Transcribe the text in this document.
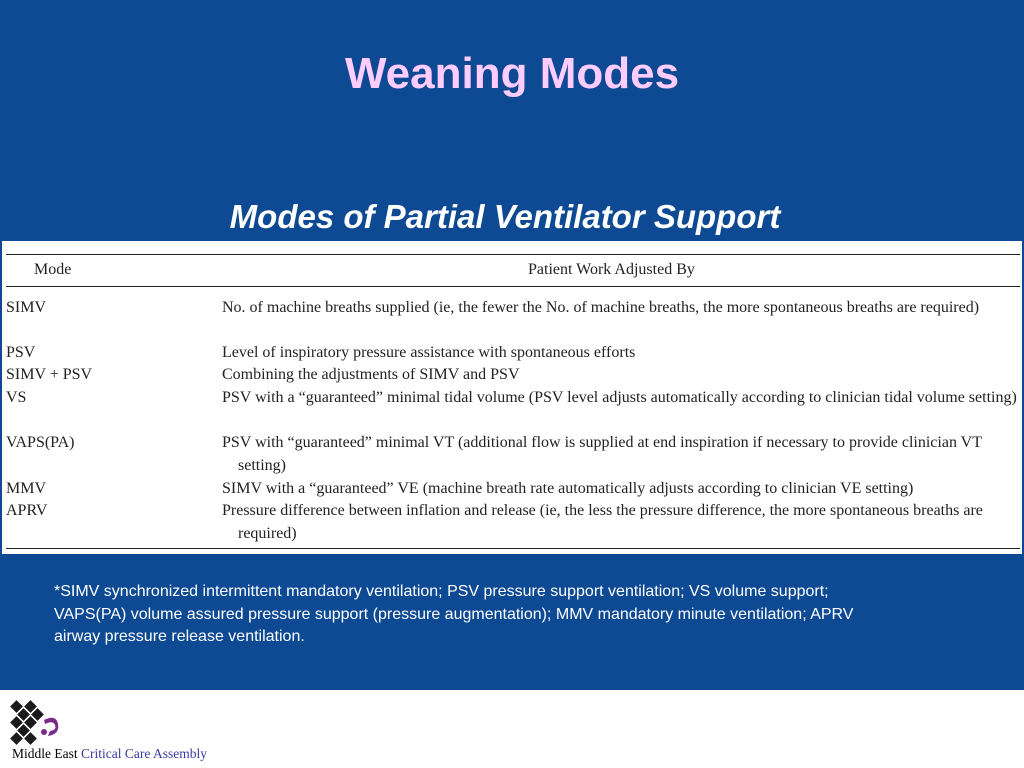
Weaning Modes
Modes of Partial Ventilator Support
Mode	Patient Work Adjusted By
SIMV	No. of machine breaths supplied (ie, the fewer the No. of machine breaths, the more spontaneous breaths are required)
PSV	Level of inspiratory pressure assistance with spontaneous efforts
SIMV + PSV	Combining the adjustments of SIMV and PSV
VS	PSV with a “guaranteed” minimal tidal volume (PSV level adjusts automatically according to clinician tidal volume setting)
VAPS(PA)	PSV with “guaranteed” minimal VT (additional flow is supplied at end inspiration if necessary to provide clinician VT setting)
MMV	SIMV with a “guaranteed” VE (machine breath rate automatically adjusts according to clinician VE setting)
APRV	Pressure difference between inflation and release (ie, the less the pressure difference, the more spontaneous breaths are required)
*SIMV synchronized intermittent mandatory ventilation; PSV pressure support ventilation; VS volume support; VAPS(PA) volume assured pressure support (pressure augmentation); MMV mandatory minute ventilation; APRV airway pressure release ventilation.
Middle East Critical Care Assembly
